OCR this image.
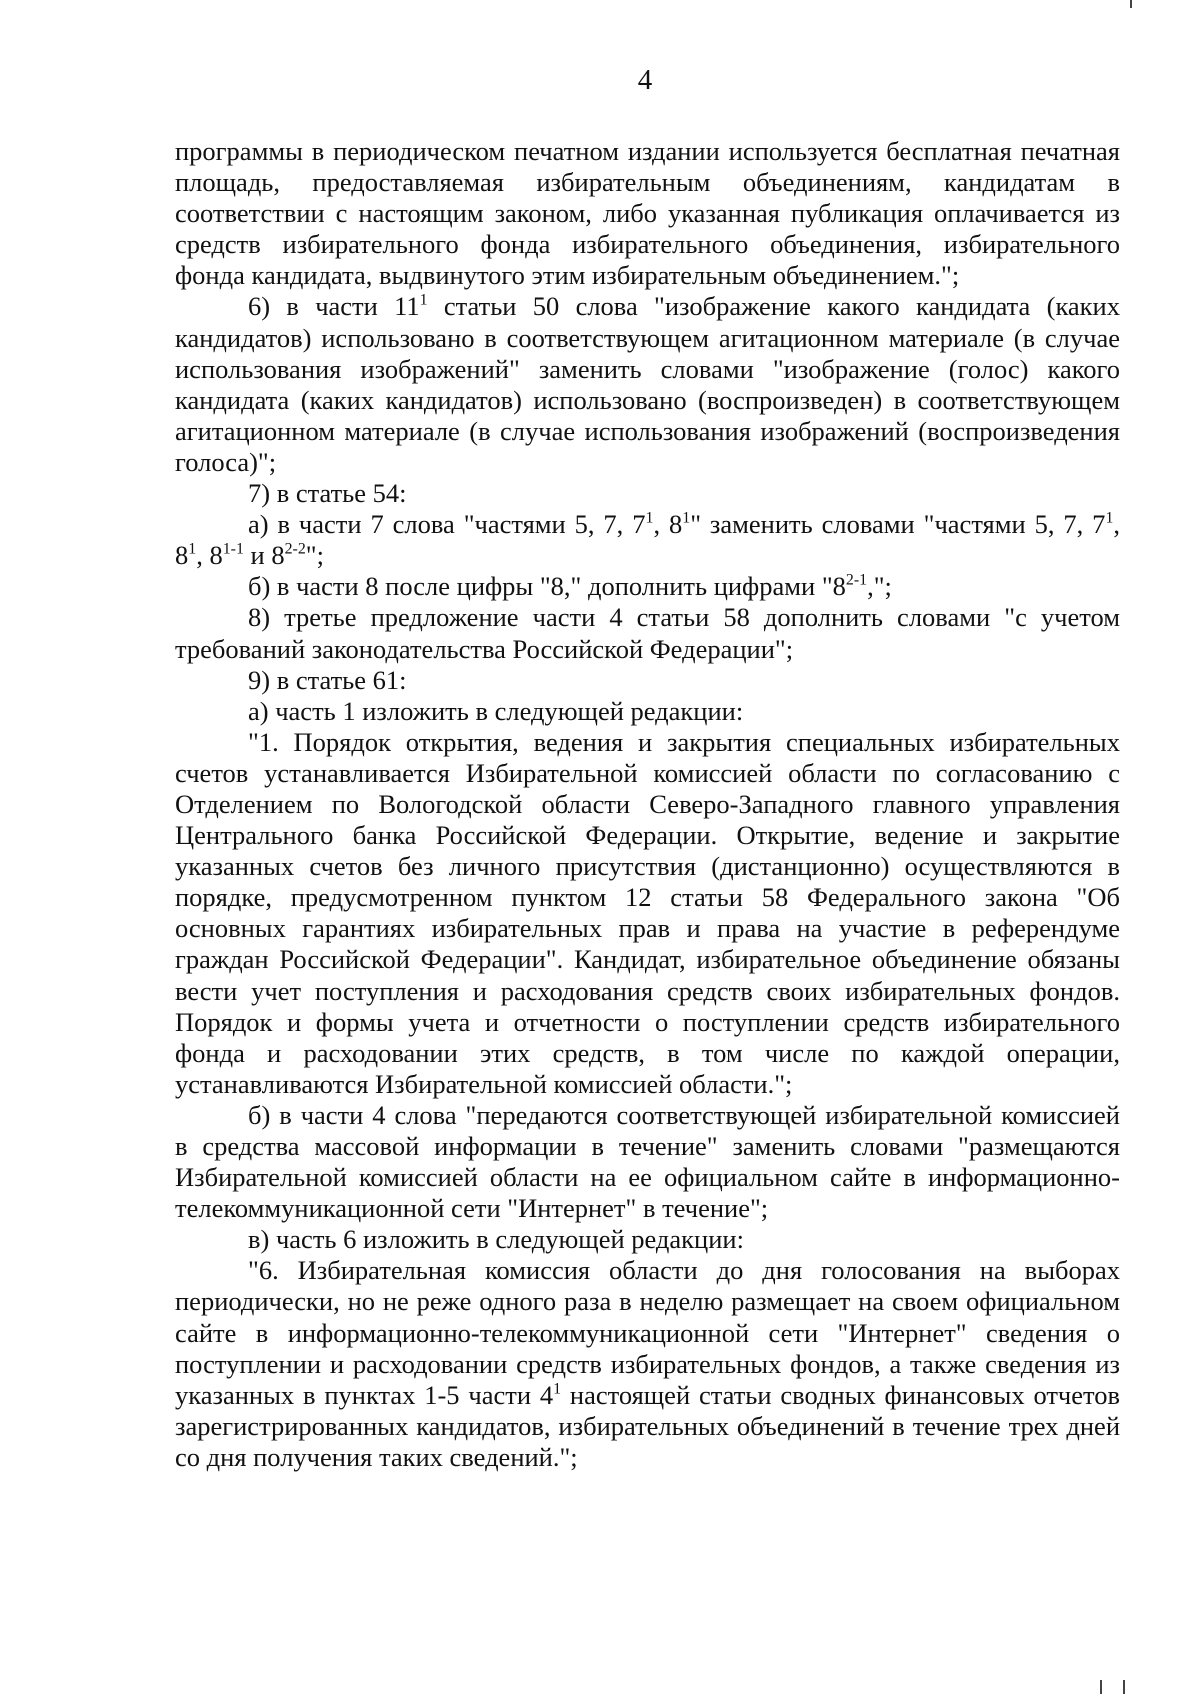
4

программы в периодическом печатном издании используется бесплатная печатная площадь, предоставляемая избирательным объединениям, кандидатам в соответствии с настоящим законом, либо указанная публикация оплачивается из средств избирательного фонда избирательного объединения, избирательного фонда кандидата, выдвинутого этим избирательным объединением.";

6) в части $11^1$ статьи 50 слова "изображение какого кандидата (каких кандидатов) использовано в соответствующем агитационном материале (в случае использования изображений" заменить словами "изображение (голос) какого кандидата (каких кандидатов) использовано (воспроизведен) в соответствующем агитационном материале (в случае использования изображений (воспроизведения голоса)";

7) в статье 54:

а) в части 7 слова "частями 5, 7, $7^1$, $8^1$" заменить словами "частями 5, 7, $7^1$, $8^1$, 8$^{1-1}$ и 8$^{2-2}$";

б) в части 8 после цифры "8," дополнить цифрами "8$^{2-1}$,";

8) третье предложение части 4 статьи 58 дополнить словами "с учетом требований законодательства Российской Федерации";

9) в статье 61:

а) часть 1 изложить в следующей редакции:

"1. Порядок открытия, ведения и закрытия специальных избирательных счетов устанавливается Избирательной комиссией области по согласованию с Отделением по Вологодской области Северо-Западного главного управления Центрального банка Российской Федерации. Открытие, ведение и закрытие указанных счетов без личного присутствия (дистанционно) осуществляются в порядке, предусмотренном пунктом 12 статьи 58 Федерального закона "Об основных гарантиях избирательных прав и права на участие в референдуме граждан Российской Федерации". Кандидат, избирательное объединение обязаны вести учет поступления и расходования средств своих избирательных фондов. Порядок и формы учета и отчетности о поступлении средств избирательного фонда и расходовании этих средств, в том числе по каждой операции, устанавливаются Избирательной комиссией области.";

б) в части 4 слова "передаются соответствующей избирательной комиссией в средства массовой информации в течение" заменить словами "размещаются Избирательной комиссией области на ее официальном сайте в информационно-телекоммуникационной сети "Интернет" в течение";

в) часть 6 изложить в следующей редакции:

"6. Избирательная комиссия области до дня голосования на выборах периодически, но не реже одного раза в неделю размещает на своем официальном сайте в информационно-телекоммуникационной сети "Интернет" сведения о поступлении и расходовании средств избирательных фондов, а также сведения из указанных в пунктах 1-5 части $4^1$ настоящей статьи сводных финансовых отчетов зарегистрированных кандидатов, избирательных объединений в течение трех дней со дня получения таких сведений.";
